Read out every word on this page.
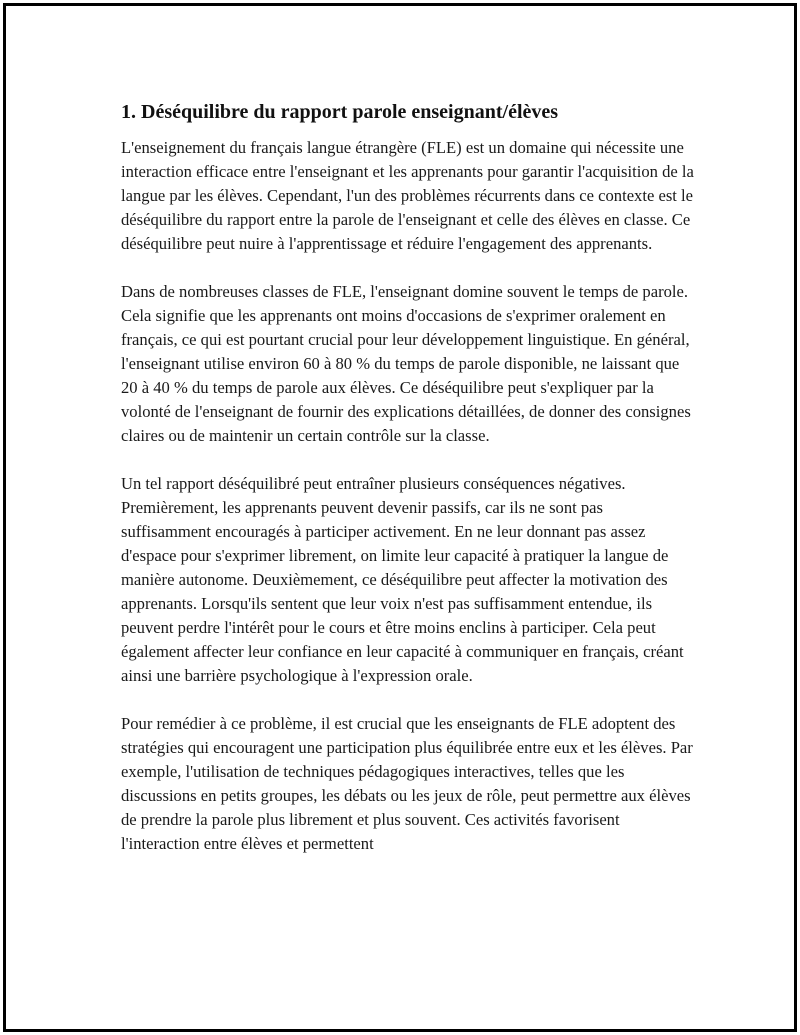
1. Déséquilibre du rapport parole enseignant/élèves

L'enseignement du français langue étrangère (FLE) est un domaine qui nécessite une interaction efficace entre l'enseignant et les apprenants pour garantir l'acquisition de la langue par les élèves. Cependant, l'un des problèmes récurrents dans ce contexte est le déséquilibre du rapport entre la parole de l'enseignant et celle des élèves en classe. Ce déséquilibre peut nuire à l'apprentissage et réduire l'engagement des apprenants.

Dans de nombreuses classes de FLE, l'enseignant domine souvent le temps de parole. Cela signifie que les apprenants ont moins d'occasions de s'exprimer oralement en français, ce qui est pourtant crucial pour leur développement linguistique. En général, l'enseignant utilise environ 60 à 80 % du temps de parole disponible, ne laissant que 20 à 40 % du temps de parole aux élèves. Ce déséquilibre peut s'expliquer par la volonté de l'enseignant de fournir des explications détaillées, de donner des consignes claires ou de maintenir un certain contrôle sur la classe.

Un tel rapport déséquilibré peut entraîner plusieurs conséquences négatives. Premièrement, les apprenants peuvent devenir passifs, car ils ne sont pas suffisamment encouragés à participer activement. En ne leur donnant pas assez d'espace pour s'exprimer librement, on limite leur capacité à pratiquer la langue de manière autonome. Deuxièmement, ce déséquilibre peut affecter la motivation des apprenants. Lorsqu'ils sentent que leur voix n'est pas suffisamment entendue, ils peuvent perdre l'intérêt pour le cours et être moins enclins à participer. Cela peut également affecter leur confiance en leur capacité à communiquer en français, créant ainsi une barrière psychologique à l'expression orale.

Pour remédier à ce problème, il est crucial que les enseignants de FLE adoptent des stratégies qui encouragent une participation plus équilibrée entre eux et les élèves. Par exemple, l'utilisation de techniques pédagogiques interactives, telles que les discussions en petits groupes, les débats ou les jeux de rôle, peut permettre aux élèves de prendre la parole plus librement et plus souvent. Ces activités favorisent l'interaction entre élèves et permettent
